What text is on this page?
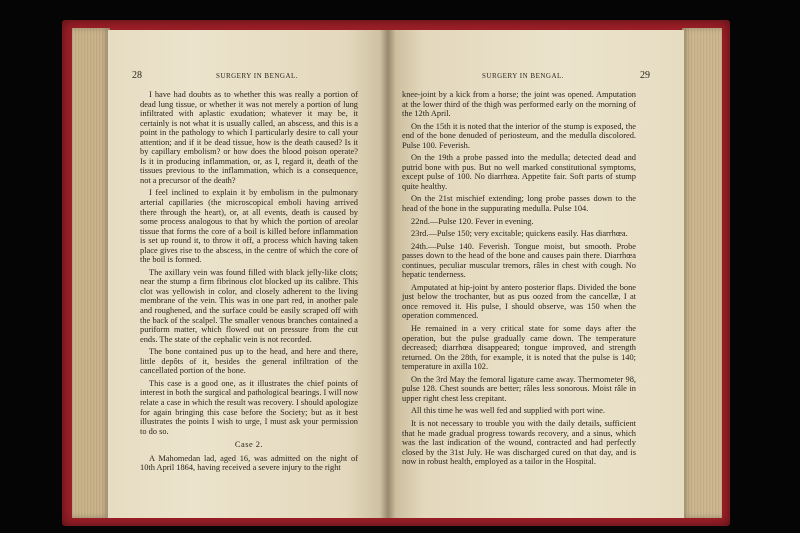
28	SURGERY IN BENGAL.

I have had doubts as to whether this was really a portion of dead lung tissue, or whether it was not merely a portion of lung infiltrated with aplastic exudation; whatever it may be, it certainly is not what it is usually called, an abscess, and this is a point in the pathology to which I particularly desire to call your attention; and if it be dead tissue, how is the death caused? Is it by capillary embolism? or how does the blood poison operate? Is it in producing inflammation, or, as I, regard it, death of the tissues previous to the inflammation, which is a consequence, not a precursor of the death?

I feel inclined to explain it by embolism in the pulmonary arterial capillaries (the microscopical emboli having arrived there through the heart), or, at all events, death is caused by some process analogous to that by which the portion of areolar tissue that forms the core of a boil is killed before inflammation is set up round it, to throw it off, a process which having taken place gives rise to the abscess, in the centre of which the core of the boil is formed.

The axillary vein was found filled with black jelly-like clots; near the stump a firm fibrinous clot blocked up its calibre. This clot was yellowish in color, and closely adherent to the living membrane of the vein. This was in one part red, in another pale and roughened, and the surface could be easily scraped off with the back of the scalpel. The smaller venous branches contained a puriform matter, which flowed out on pressure from the cut ends. The state of the cephalic vein is not recorded.

The bone contained pus up to the head, and here and there, little depôts of it, besides the general infiltration of the cancellated portion of the bone.

This case is a good one, as it illustrates the chief points of interest in both the surgical and pathological bearings. I will now relate a case in which the result was recovery. I should apologize for again bringing this case before the Society; but as it best illustrates the points I wish to urge, I must ask your permission to do so.

Case 2.

A Mahomedan lad, aged 16, was admitted on the night of 10th April 1864, having received a severe injury to the right

SURGERY IN BENGAL.	29

knee-joint by a kick from a horse; the joint was opened. Amputation at the lower third of the thigh was performed early on the morning of the 12th April.

On the 15th it is noted that the interior of the stump is exposed, the end of the bone denuded of periosteum, and the medulla discolored. Pulse 100. Feverish.

On the 19th a probe passed into the medulla; detected dead and putrid bone with pus. But no well marked constitutional symptoms, except pulse of 100. No diarrhœa. Appetite fair. Soft parts of stump quite healthy.

On the 21st mischief extending; long probe passes down to the head of the bone in the suppurating medulla. Pulse 104.

22nd.—Pulse 120. Fever in evening.

23rd.—Pulse 150; very excitable; quickens easily. Has diarrhœa.

24th.—Pulse 140. Feverish. Tongue moist, but smooth. Probe passes down to the head of the bone and causes pain there. Diarrhœa continues, peculiar muscular tremors, râles in chest with cough. No hepatic tenderness.

Amputated at hip-joint by antero posterior flaps. Divided the bone just below the trochanter, but as pus oozed from the cancellæ, I at once removed it. His pulse, I should observe, was 150 when the operation commenced.

He remained in a very critical state for some days after the operation, but the pulse gradually came down. The temperature decreased; diarrhœa disappeared; tongue improved, and strength returned. On the 28th, for example, it is noted that the pulse is 140; temperature in axilla 102.

On the 3rd May the femoral ligature came away. Thermometer 98, pulse 128. Chest sounds are better; râles less sonorous. Moist râle in upper right chest less crepitant.

All this time he was well fed and supplied with port wine.

It is not necessary to trouble you with the daily details, sufficient that he made gradual progress towards recovery, and a sinus, which was the last indication of the wound, contracted and had perfectly closed by the 31st July. He was discharged cured on that day, and is now in robust health, employed as a tailor in the Hospital.
